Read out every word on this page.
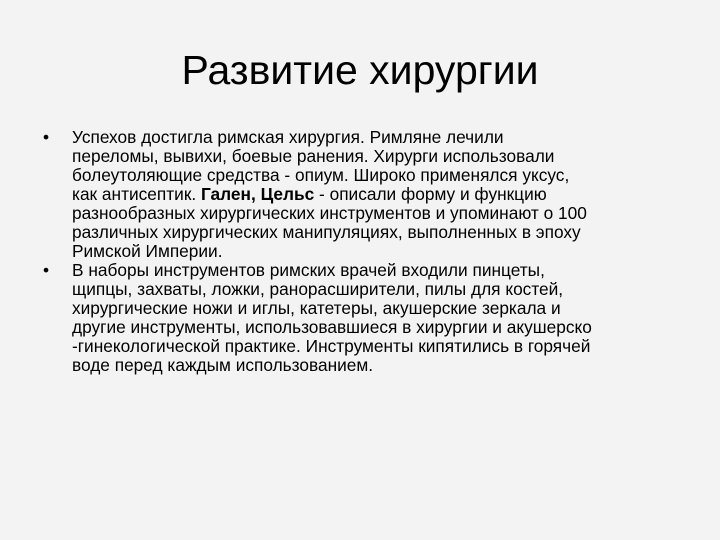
Развитие хирургии
•	Успехов достигла римская хирургия. Римляне лечили
переломы, вывихи, боевые ранения. Хирурги использовали
болеутоляющие средства - опиум. Широко применялся уксус,
как антисептик. Гален, Цельс - описали форму и функцию
разнообразных хирургических инструментов и упоминают о 100
различных хирургических манипуляциях, выполненных в эпоху
Римской Империи.
•	В наборы инструментов римских врачей входили пинцеты,
щипцы, захваты, ложки, ранорасширители, пилы для костей,
хирургические ножи и иглы, катетеры, акушерские зеркала и
другие инструменты, использовавшиеся в хирургии и акушерско
-гинекологической практике. Инструменты кипятились в горячей
воде перед каждым использованием.
